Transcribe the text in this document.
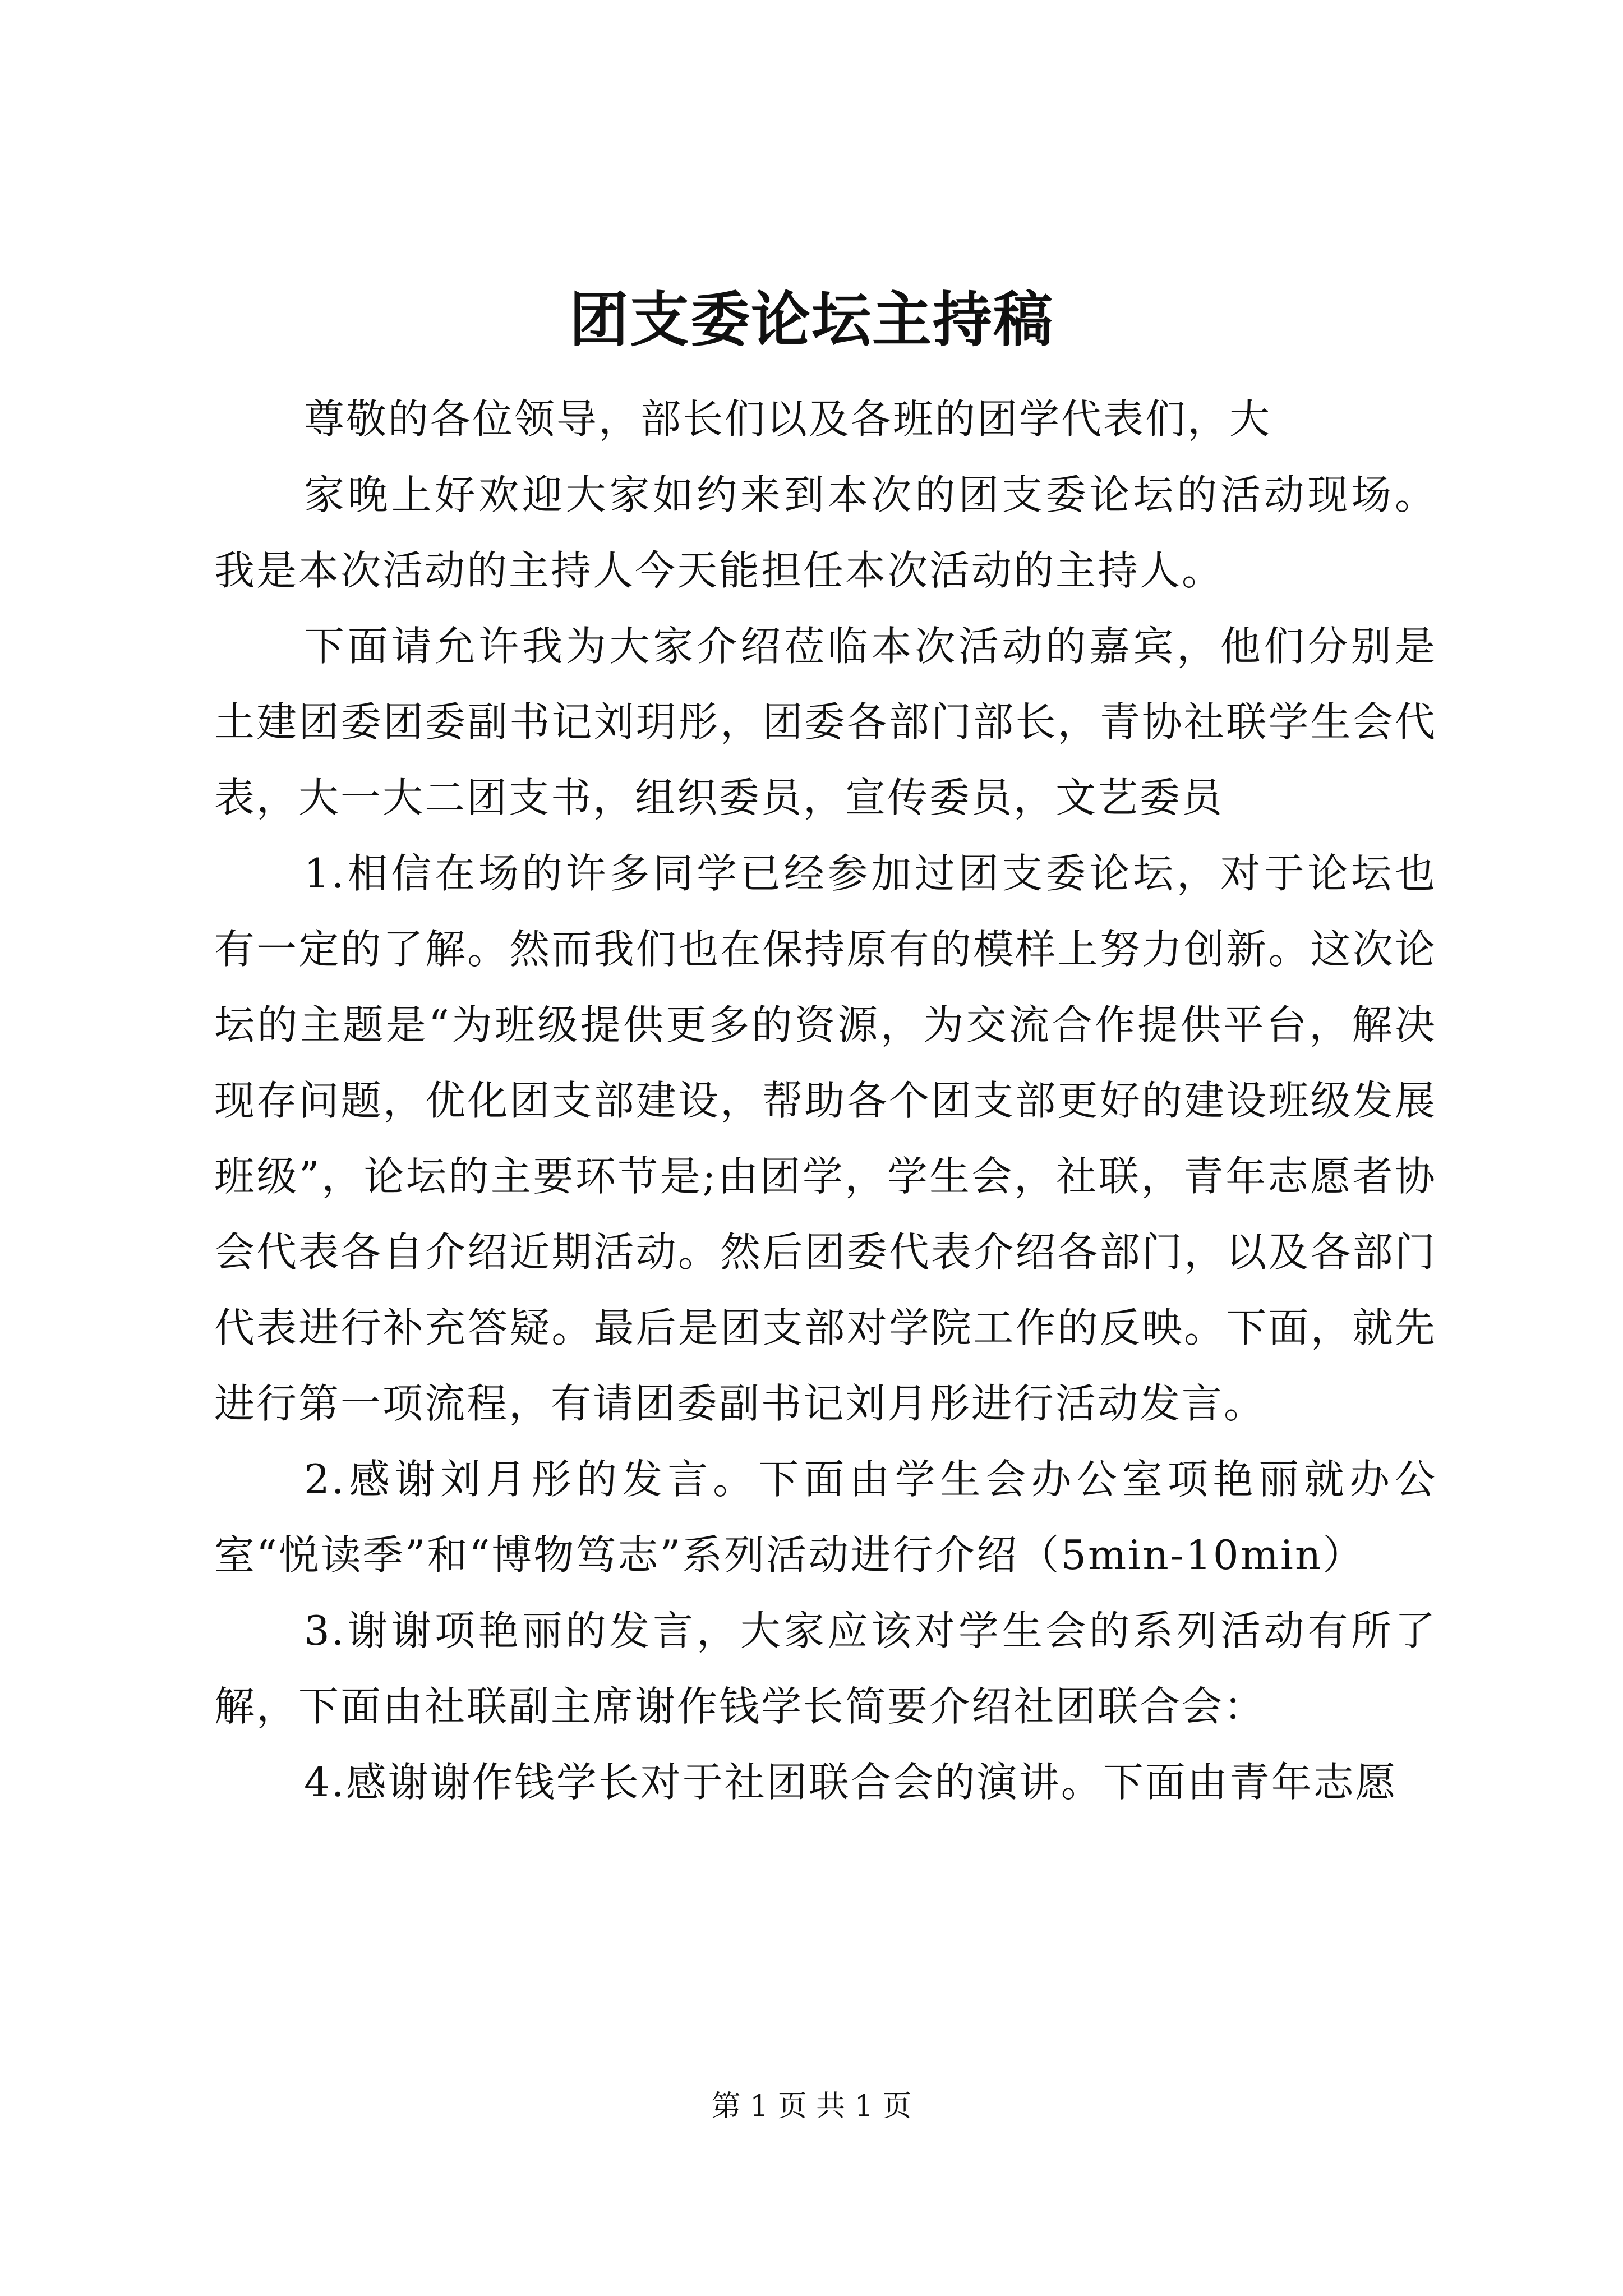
团支委论坛主持稿

尊敬的各位领导，部长们以及各班的团学代表们，大

家晚上好欢迎大家如约来到本次的团支委论坛的活动现场。我是本次活动的主持人今天能担任本次活动的主持人。

下面请允许我为大家介绍莅临本次活动的嘉宾，他们分别是土建团委团委副书记刘玥彤，团委各部门部长，青协社联学生会代表，大一大二团支书，组织委员，宣传委员，文艺委员

1.相信在场的许多同学已经参加过团支委论坛，对于论坛也有一定的了解。然而我们也在保持原有的模样上努力创新。这次论坛的主题是“为班级提供更多的资源，为交流合作提供平台，解决现存问题，优化团支部建设，帮助各个团支部更好的建设班级发展班级”，论坛的主要环节是;由团学，学生会，社联，青年志愿者协会代表各自介绍近期活动。然后团委代表介绍各部门，以及各部门代表进行补充答疑。最后是团支部对学院工作的反映。下面，就先进行第一项流程，有请团委副书记刘月彤进行活动发言。

2.感谢刘月彤的发言。下面由学生会办公室项艳丽就办公室“悦读季”和“博物笃志”系列活动进行介绍（5min-10min）

3.谢谢项艳丽的发言，大家应该对学生会的系列活动有所了解，下面由社联副主席谢作钱学长简要介绍社团联合会：

4.感谢谢作钱学长对于社团联合会的演讲。下面由青年志愿

第 1 页 共 1 页
